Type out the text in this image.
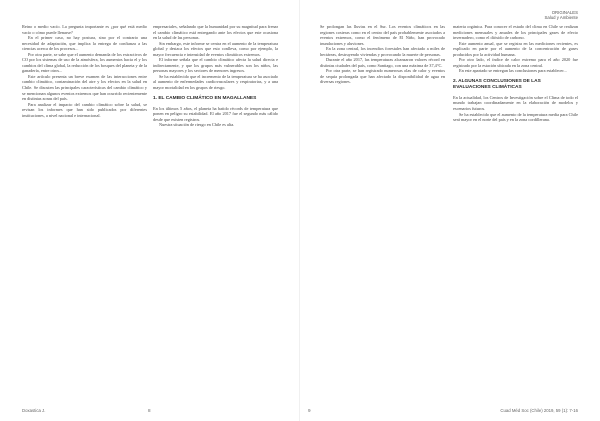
Reino o medio vacío. La pregunta importante es ¿por qué está medio vacío o cómo puede llenarse?

En el primer caso, no hay postura, sino por el contrario una necesidad de adaptación, que implica la entrega de confianza a las ciencias acerca de los procesos...

Por otra parte, se sabe que el aumento demanda de los extractivos de CO por los sistemas de uso de la atmósfera, los aumentos hacia el y los cambios del clima global, la reducción de los bosques del planeta y de la ganadería, entre otros...

Este artículo presenta un breve examen de las interacciones entre cambio climático, contaminación del aire y los efectos en la salud en Chile. Se discuten las principales características del cambio climático y se mencionan algunos eventos extremos que han ocurrido recientemente en distintas zonas del país.

Para analizar el impacto del cambio climático sobre la salud, se revisan los informes que han sido publicados por diferentes instituciones, a nivel nacional e internacional.

empresariales, señalando que la humanidad por su magnitud para frenar el cambio climático está entregando ante los efectos que este ocasiona en la salud de las personas.

Sin embargo, este informe se centra en el aumento de la temperatura global y destaca los efectos que esto conlleva, como por ejemplo, la mayor frecuencia e intensidad de eventos climáticos extremos.

El informe señala que el cambio climático afecta la salud directa e indirectamente, y que los grupos más vulnerables son los niños, las personas mayores y los sectores de menores ingresos.

Se ha establecido que el incremento de la temperatura se ha asociado al aumento de enfermedades cardiovasculares y respiratorias, y a una mayor mortalidad en los grupos de riesgo.

1. EL CAMBIO CLIMÁTICO EN MAGALLANES

En los últimos 5 años, el planeta ha batido récords de temperatura que ponen en peligro su estabilidad. El año 2017 fue el segundo más cálido desde que existen registros.

Nuestra situación de riesgo en Chile es alta.

Doxastica J.	8
ORIGINALES
Salud y Ambiente

Se prolongan las lluvias en el Sur. Los eventos climáticos en las regiones costeras como en el centro del país probablemente asociados a eventos extremos, como el fenómeno de El Niño, han provocado inundaciones y aluviones.

En la zona central, los incendios forestales han afectado a miles de hectáreas, destruyendo viviendas y provocando la muerte de personas.

Durante el año 2017, las temperaturas alcanzaron valores récord en distintas ciudades del país, como Santiago, con una máxima de 37,4°C.

Por otra parte, se han registrado numerosas olas de calor y eventos de sequía prolongada que han afectado la disponibilidad de agua en diversas regiones.

materia orgánica. Para conocer el estado del clima en Chile se realizan mediciones mensuales y anuales de los principales gases de efecto invernadero, como el dióxido de carbono.

Este aumento anual, que se registra en las mediciones recientes, es explicado en parte por el aumento de la concentración de gases producidos por la actividad humana.

Por otro lado, el índice de calor extremo para el año 2020 fue registrado por la estación ubicada en la zona central.

En este apartado se entregan las conclusiones para establecer...

2. ALGUNAS CONCLUSIONES DE LAS EVALUACIONES CLIMÁTICAS

En la actualidad, los Centros de Investigación sobre el Clima de todo el mundo trabajan coordinadamente en la elaboración de modelos y escenarios futuros.

Se ha establecido que el aumento de la temperatura media para Chile será mayor en el norte del país y en la zona cordillerana.

9	Cuad Méd Soc (Chile) 2019, 59 (1): 7-16
